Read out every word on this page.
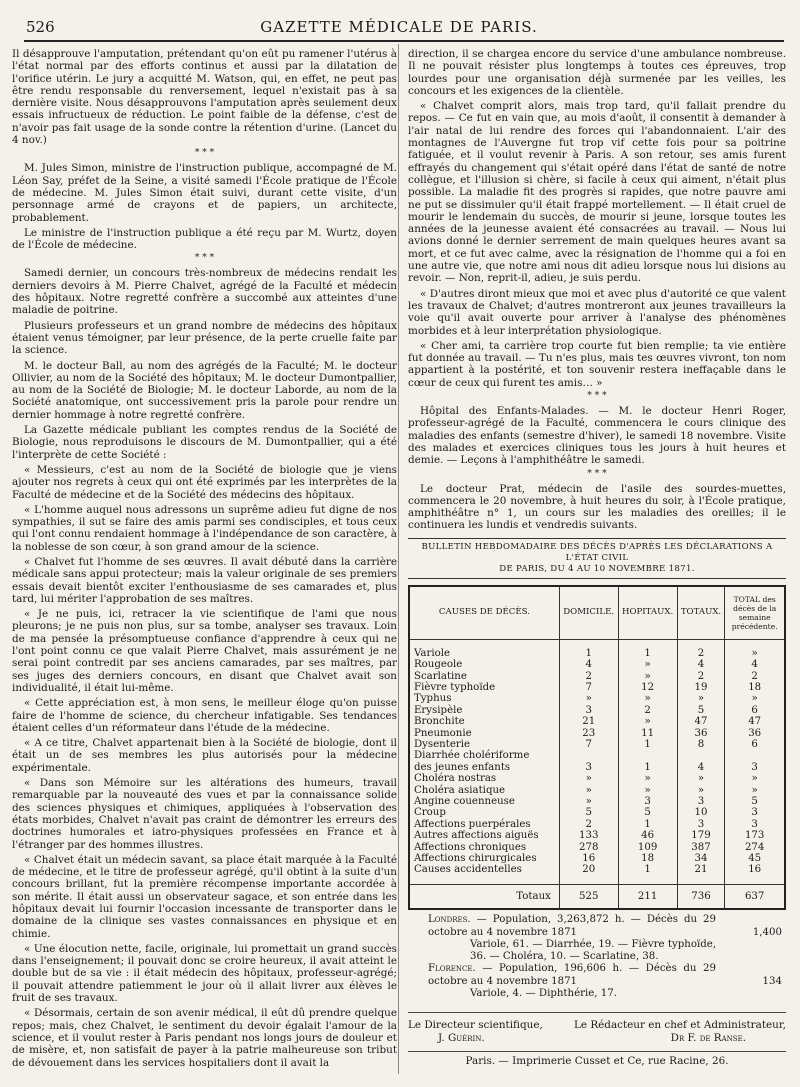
526	GAZETTE MÉDICALE DE PARIS.

Il désapprouve l'amputation, prétendant qu'on eût pu ramener l'utérus à l'état normal par des efforts continus et aussi par la dilatation de l'orifice utérin. Le jury a acquitté M. Watson, qui, en effet, ne peut pas être rendu responsable du renversement, lequel n'existait pas à sa dernière visite. Nous désapprouvons l'amputation après seulement deux essais infructueux de réduction. Le point faible de la défense, c'est de n'avoir pas fait usage de la sonde contre la rétention d'urine. (Lancet du 4 nov.)

* * *

M. Jules Simon, ministre de l'instruction publique, accompagné de M. Léon Say, préfet de la Seine, a visité samedi l'École pratique de l'École de médecine. M. Jules Simon était suivi, durant cette visite, d'un personnage armé de crayons et de papiers, un architecte, probablement.

Le ministre de l'instruction publique a été reçu par M. Wurtz, doyen de l'École de médecine.

* * *

Samedi dernier, un concours très-nombreux de médecins rendait les derniers devoirs à M. Pierre Chalvet, agrégé de la Faculté et médecin des hôpitaux. Notre regretté confrère a succombé aux atteintes d'une maladie de poitrine.

Plusieurs professeurs et un grand nombre de médecins des hôpitaux étaient venus témoigner, par leur présence, de la perte cruelle faite par la science.

M. le docteur Ball, au nom des agrégés de la Faculté; M. le docteur Ollivier, au nom de la Société des hôpitaux; M. le docteur Dumontpallier, au nom de la Société de Biologie; M. le docteur Laborde, au nom de la Société anatomique, ont successivement pris la parole pour rendre un dernier hommage à notre regretté confrère.

La Gazette médicale publiant les comptes rendus de la Société de Biologie, nous reproduisons le discours de M. Dumontpallier, qui a été l'interprète de cette Société :

« Messieurs, c'est au nom de la Société de biologie que je viens ajouter nos regrets à ceux qui ont été exprimés par les interprètes de la Faculté de médecine et de la Société des médecins des hôpitaux.

« L'homme auquel nous adressons un suprême adieu fut digne de nos sympathies, il sut se faire des amis parmi ses condisciples, et tous ceux qui l'ont connu rendaient hommage à l'indépendance de son caractère, à la noblesse de son cœur, à son grand amour de la science.

« Chalvet fut l'homme de ses œuvres. Il avait débuté dans la carrière médicale sans appui protecteur; mais la valeur originale de ses premiers essais devait bientôt exciter l'enthousiasme de ses camarades et, plus tard, lui mériter l'approbation de ses maîtres.

« Je ne puis, ici, retracer la vie scientifique de l'ami que nous pleurons; je ne puis non plus, sur sa tombe, analyser ses travaux. Loin de ma pensée la présomptueuse confiance d'apprendre à ceux qui ne l'ont point connu ce que valait Pierre Chalvet, mais assurément je ne serai point contredit par ses anciens camarades, par ses maîtres, par ses juges des derniers concours, en disant que Chalvet avait son individualité, il était lui-même.

« Cette appréciation est, à mon sens, le meilleur éloge qu'on puisse faire de l'homme de science, du chercheur infatigable. Ses tendances étaient celles d'un réformateur dans l'étude de la médecine.

« A ce titre, Chalvet appartenait bien à la Société de biologie, dont il était un de ses membres les plus autorisés pour la médecine expérimentale.

« Dans son Mémoire sur les altérations des humeurs, travail remarquable par la nouveauté des vues et par la connaissance solide des sciences physiques et chimiques, appliquées à l'observation des états morbides, Chalvet n'avait pas craint de démontrer les erreurs des doctrines humorales et iatro-physiques professées en France et à l'étranger par des hommes illustres.

« Chalvet était un médecin savant, sa place était marquée à la Faculté de médecine, et le titre de professeur agrégé, qu'il obtint à la suite d'un concours brillant, fut la première récompense importante accordée à son mérite. Il était aussi un observateur sagace, et son entrée dans les hôpitaux devait lui fournir l'occasion incessante de transporter dans le domaine de la clinique ses vastes connaissances en physique et en chimie.

« Une élocution nette, facile, originale, lui promettait un grand succès dans l'enseignement; il pouvait donc se croire heureux, il avait atteint le double but de sa vie : il était médecin des hôpitaux, professeur-agrégé; il pouvait attendre patiemment le jour où il allait livrer aux élèves le fruit de ses travaux.

« Désormais, certain de son avenir médical, il eût dû prendre quelque repos; mais, chez Chalvet, le sentiment du devoir égalait l'amour de la science, et il voulut rester à Paris pendant nos longs jours de douleur et de misère, et, non satisfait de payer à la patrie malheureuse son tribut de dévouement dans les services hospitaliers dont il avait la

direction, il se chargea encore du service d'une ambulance nombreuse. Il ne pouvait résister plus longtemps à toutes ces épreuves, trop lourdes pour une organisation déjà surmenée par les veilles, les concours et les exigences de la clientèle.

« Chalvet comprit alors, mais trop tard, qu'il fallait prendre du repos. — Ce fut en vain que, au mois d'août, il consentit à demander à l'air natal de lui rendre des forces qui l'abandonnaient. L'air des montagnes de l'Auvergne fut trop vif cette fois pour sa poitrine fatiguée, et il voulut revenir à Paris. A son retour, ses amis furent effrayés du changement qui s'était opéré dans l'état de santé de notre collègue, et l'illusion si chère, si facile à ceux qui aiment, n'était plus possible. La maladie fit des progrès si rapides, que notre pauvre ami ne put se dissimuler qu'il était frappé mortellement. — Il était cruel de mourir le lendemain du succès, de mourir si jeune, lorsque toutes les années de la jeunesse avaient été consacrées au travail. — Nous lui avions donné le dernier serrement de main quelques heures avant sa mort, et ce fut avec calme, avec la résignation de l'homme qui a foi en une autre vie, que notre ami nous dit adieu lorsque nous lui disions au revoir. — Non, reprit-il, adieu, je suis perdu.

« D'autres diront mieux que moi et avec plus d'autorité ce que valent les travaux de Chalvet; d'autres montreront aux jeunes travailleurs la voie qu'il avait ouverte pour arriver à l'analyse des phénomènes morbides et à leur interprétation physiologique.

« Cher ami, ta carrière trop courte fut bien remplie; ta vie entière fut donnée au travail. — Tu n'es plus, mais tes œuvres vivront, ton nom appartient à la postérité, et ton souvenir restera ineffaçable dans le cœur de ceux qui furent tes amis… »

* * *

Hôpital des Enfants-Malades. — M. le docteur Henri Roger, professeur-agrégé de la Faculté, commencera le cours clinique des maladies des enfants (semestre d'hiver), le samedi 18 novembre. Visite des malades et exercices cliniques tous les jours à huit heures et demie. — Leçons à l'amphithéâtre le samedi.

* * *

Le docteur Prat, médecin de l'asile des sourdes-muettes, commencera le 20 novembre, à huit heures du soir, à l'École pratique, amphithéâtre n° 1, un cours sur les maladies des oreilles; il le continuera les lundis et vendredis suivants.

BULLETIN HEBDOMADAIRE DES DÉCÈS D'APRÈS LES DÉCLARATIONS A L'ÉTAT CIVIL
DE PARIS, DU 4 AU 10 NOVEMBRE 1871.
CAUSES DE DÉCÈS.	DOMICILE.	HOPITAUX.	TOTAUX.	TOTAL des décès de la semaine précédente.

Variole	1	1	2	»
Rougeole	4	»	4	4
Scarlatine	2	»	2	2
Fièvre typhoïde	7	12	19	18
Typhus	»	»	»	»
Erysipèle	3	2	5	6
Bronchite	21	»	47	47
Pneumonie	23	11	36	36
Dysenterie	7	1	8	6
Diarrhée cholériforme				
des jeunes enfants	3	1	4	3
Choléra nostras	»	»	»	»
Choléra asiatique	»	»	»	»
Angine couenneuse	»	3	3	5
Croup	5	5	10	3
Affections puerpérales	2	1	3	3
Autres affections aiguës	133	46	179	173
Affections chroniques	278	109	387	274
Affections chirurgicales	16	18	34	45
Causes accidentelles	20	1	21	16

Totaux	525	211	736	637
Londres. — Population, 3,263,872 h. — Décès du 29 octobre au 4 novembre 1871	1,400
Variole, 61. — Diarrhée, 19. — Fièvre typhoïde, 36. — Choléra, 10. — Scarlatine, 38.
Florence. — Population, 196,606 h. — Décès du 29 octobre au 4 novembre 1871	134
Variole, 4. — Diphthérie, 17.
Le Directeur scientifique,	Le Rédacteur en chef et Administrateur,
J. Guérin.	Dr F. de Ranse.
Paris. — Imprimerie Cusset et Ce, rue Racine, 26.
